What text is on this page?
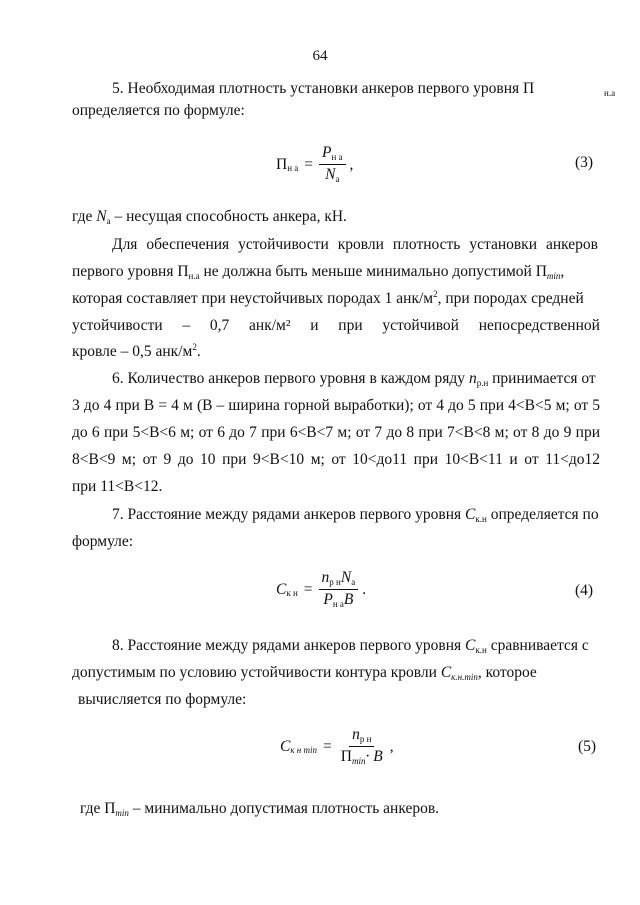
64
5. Необходимая плотность установки анкеров первого уровня П	$_{н.а}$
определяется по формуле:
П н $а = \frac{\text{Pн а}}{Nа}$ ,	(3)
где Nа – несущая способность анкера, кН.
Для обеспечения устойчивости кровли плотность установки анкеров
первого уровня Пн.а не должна быть меньше минимально допустимой Пmin,
которая составляет при неустойчивых породах 1 анк/$м^2$, при породах средней
устойчивости – 0,7 анк/м² и при устойчивой непосредственной
кровле – 0,5 анк/$м^2$.
6. Количество анкеров первого уровня в каждом ряду nр.н принимается от
3 до 4 при B = 4 м (B – ширина горной выработки); от 4 до 5 при 4<B<5 м; от 5
до 6 при 5<B<6 м; от 6 до 7 при 6<B<7 м; от 7 до 8 при 7<B<8 м; от 8 до 9 при
8<B<9 м; от 9 до 10 при 9<B<10 м; от 10<до11 при 10<B<11 и от 11<до12
при 11<B<12.
7. Расстояние между рядами анкеров первого уровня Cк.н определяется по
формуле:
C к $н = \frac{\text{nр нNа}}{\text{Pн аB}}$ .	(4)
8. Расстояние между рядами анкеров первого уровня Cк.н сравнивается с
допустимым по условию устойчивости контура кровли Cк.н.min, которое
вычисляется по формуле:
C к н $\min = \frac{\text{nр н}}{П\min\cdot B}$ ,	(5)
где Пmin – минимально допустимая плотность анкеров.
